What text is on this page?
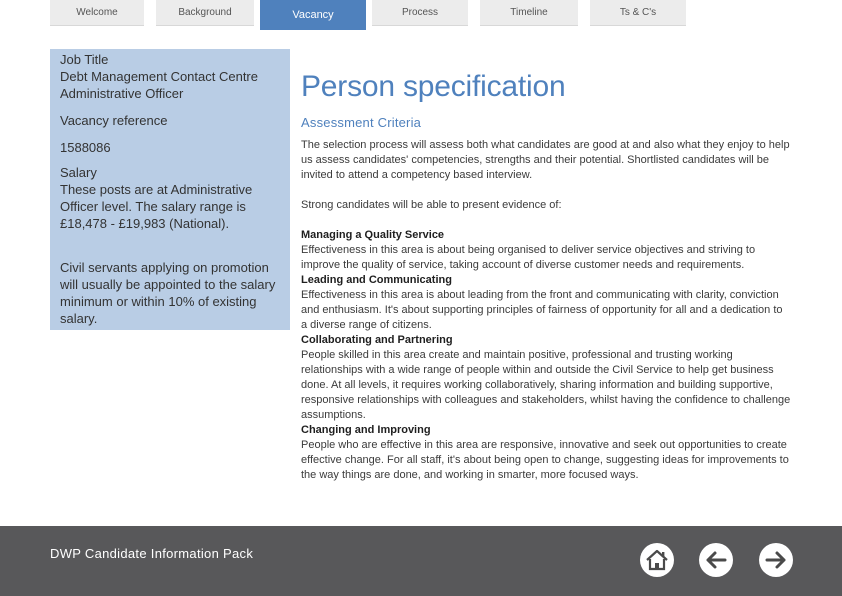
Welcome	Background	Vacancy	Process	Timeline	Ts & C's
Job Title
Debt Management Contact Centre Administrative Officer
Vacancy reference
1588086
Salary
These posts are at Administrative Officer level. The salary range is £18,478 - £19,983 (National).
Civil servants applying on promotion will usually be appointed to the salary minimum or within 10% of existing salary.
Person specification
Assessment Criteria
The selection process will assess both what candidates are good at and also what they enjoy to help us assess candidates' competencies, strengths and their potential. Shortlisted candidates will be invited to attend a competency based interview.
Strong candidates will be able to present evidence of:
Managing a Quality Service
Effectiveness in this area is about being organised to deliver service objectives and striving to improve the quality of service, taking account of diverse customer needs and requirements.
Leading and Communicating
Effectiveness in this area is about leading from the front and communicating with clarity, conviction and enthusiasm. It's about supporting principles of fairness of opportunity for all and a dedication to a diverse range of citizens.
Collaborating and Partnering
People skilled in this area create and maintain positive, professional and trusting working relationships with a wide range of people within and outside the Civil Service to help get business done. At all levels, it requires working collaboratively, sharing information and building supportive, responsive relationships with colleagues and stakeholders, whilst having the confidence to challenge assumptions.
Changing and Improving
People who are effective in this area are responsive, innovative and seek out opportunities to create effective change. For all staff, it's about being open to change, suggesting ideas for improvements to the way things are done, and working in smarter, more focused ways.
DWP Candidate Information Pack
